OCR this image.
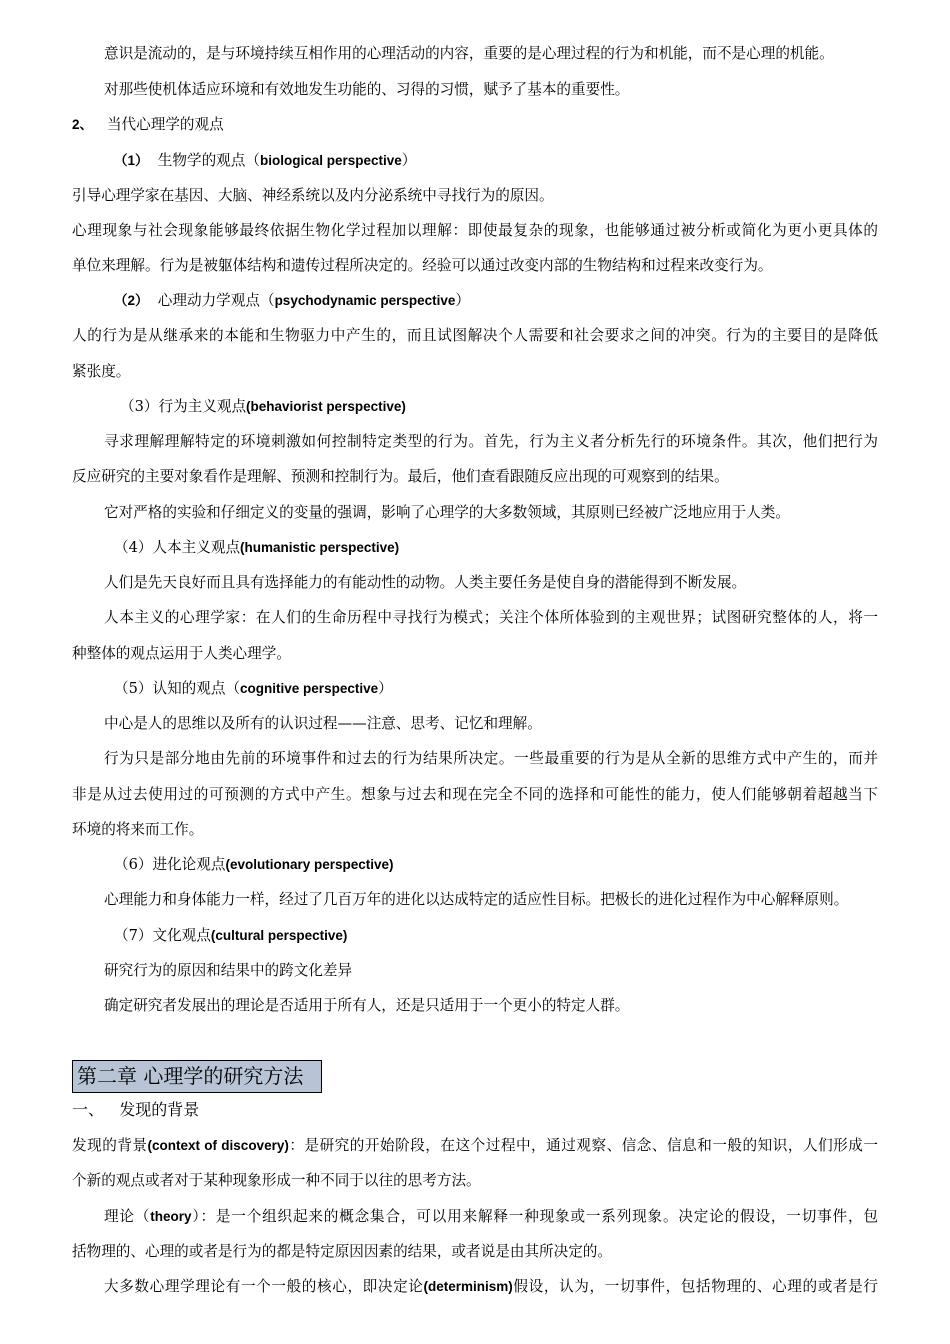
意识是流动的，是与环境持续互相作用的心理活动的内容，重要的是心理过程的行为和机能，而不是心理的机能。
对那些使机体适应环境和有效地发生功能的、习得的习惯，赋予了基本的重要性。
2、 当代心理学的观点
（1） 生物学的观点（biological perspective）
引导心理学家在基因、大脑、神经系统以及内分泌系统中寻找行为的原因。
心理现象与社会现象能够最终依据生物化学过程加以理解：即使最复杂的现象，也能够通过被分析或简化为更小更具体的
单位来理解。行为是被躯体结构和遗传过程所决定的。经验可以通过改变内部的生物结构和过程来改变行为。
（2） 心理动力学观点（psychodynamic perspective）
人的行为是从继承来的本能和生物驱力中产生的，而且试图解决个人需要和社会要求之间的冲突。行为的主要目的是降低
紧张度。
（3）行为主义观点(behaviorist perspective)
寻求理解理解特定的环境刺激如何控制特定类型的行为。首先，行为主义者分析先行的环境条件。其次，他们把行为
反应研究的主要对象看作是理解、预测和控制行为。最后，他们查看跟随反应出现的可观察到的结果。
它对严格的实验和仔细定义的变量的强调，影响了心理学的大多数领域，其原则已经被广泛地应用于人类。
（4）人本主义观点(humanistic perspective)
人们是先天良好而且具有选择能力的有能动性的动物。人类主要任务是使自身的潜能得到不断发展。
人本主义的心理学家：在人们的生命历程中寻找行为模式；关注个体所体验到的主观世界；试图研究整体的人，将一
种整体的观点运用于人类心理学。
（5）认知的观点（cognitive perspective）
中心是人的思维以及所有的认识过程——注意、思考、记忆和理解。
行为只是部分地由先前的环境事件和过去的行为结果所决定。一些最重要的行为是从全新的思维方式中产生的，而并
非是从过去使用过的可预测的方式中产生。想象与过去和现在完全不同的选择和可能性的能力，使人们能够朝着超越当下
环境的将来而工作。
（6）进化论观点(evolutionary perspective)
心理能力和身体能力一样，经过了几百万年的进化以达成特定的适应性目标。把极长的进化过程作为中心解释原则。
（7）文化观点(cultural perspective)
研究行为的原因和结果中的跨文化差异
确定研究者发展出的理论是否适用于所有人，还是只适用于一个更小的特定人群。
第二章 心理学的研究方法
一、 发现的背景
发现的背景(context of discovery)：是研究的开始阶段，在这个过程中，通过观察、信念、信息和一般的知识，人们形成一
个新的观点或者对于某种现象形成一种不同于以往的思考方法。
理论（theory）：是一个组织起来的概念集合，可以用来解释一种现象或一系列现象。决定论的假设，一切事件，包
括物理的、心理的或者是行为的都是特定原因因素的结果，或者说是由其所决定的。
大多数心理学理论有一个一般的核心，即决定论(determinism)假设，认为，一切事件，包括物理的、心理的或者是行
